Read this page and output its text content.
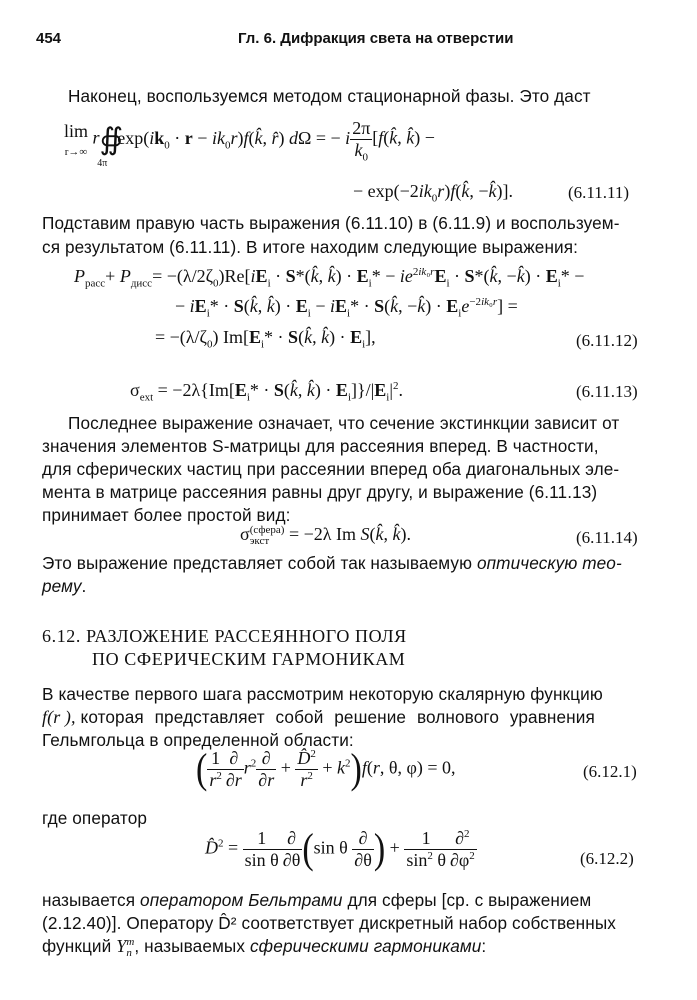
454	Гл. 6. Дифракция света на отверстии
Наконец, воспользуемся методом стационарной фазы. Это даст
lim
r→∞ $r∯_{4\pi}\exp(ik_0 \cdot r$ − $ik_0r)f(k̂$, r̂) dΩ = − i $\frac{2\pi}{k_0}$ [f(k̂, k̂) −
− $\exp(-2ik_0r)f(k̂$, −k̂)].	(6.11.11)
Подставим правую часть выражения (6.11.10) в (6.11.9) и воспользуем-
ся результатом (6.11.11). В итоге находим следующие выражения:
$P_{расс}+ P_{дисс}= -(\lambda/2\zeta_0)Re[iE_i$ · S*(k̂, k̂) · $E_i* - ie^{2ik_0r}E_i$ · S*(k̂, −k̂) · $E_i*$ −
− $iE_i*$ · S(k̂, k̂) · $E_i - iE_i*$ · S(k̂, −k̂) · $E_ie^{-2ik_0r}$] =
= $-(\lambda/\zeta_0) Im[E_i*$ · S(k̂, k̂) · $E_i$],	(6.11.12)
$\sigma_{ext} = -2\lambda\{Im[E_i*$ · S(k̂, k̂) · $E_i]\}/|E_i|^2$.	(6.11.13)
Последнее выражение означает, что сечение экстинкции зависит от
значения элементов S-матрицы для рассеяния вперед. В частности,
для сферических частиц при рассеянии вперед оба диагональных эле-
мента в матрице рассеяния равны друг другу, и выражение (6.11.13)
принимает более простой вид:
σ(сфера)
экст = −2λ Im S(k̂, k̂).	(6.11.14)
Это выражение представляет собой так называемую оптическую тео-
рему.
6.12. РАЗЛОЖЕНИЕ РАССЕЯННОГО ПОЛЯ
ПО СФЕРИЧЕСКИМ ГАРМОНИКАМ
В качестве первого шага рассмотрим некоторую скалярную функцию
f(r ), которая представляет собой решение волнового уравнения
Гельмгольца в определенной области:
( $\frac{1}{r^2} \frac{\partial}{\partial r} r^2 \frac{\partial}{\partial r} + \frac{D̂^2}{r^2} + k^2)f(r$, θ, φ) = 0,	(6.12.1)
где оператор
D̂$^2$ = $\frac{1}{\text{sin θ}} \frac{\partial}{\partial\theta} (\sin$ θ $\frac{\partial}{\partial\theta}$ ) + $\frac{1}{\sin^2 \theta} \frac{\partial^2}{\partial\varphi^2}$	(6.12.2)
называется оператором Бельтрами для сферы [ср. с выражением
(2.12.40)]. Оператору D̂² соответствует дискретный набор собственных
функций Ym
n , называемых сферическими гармониками:
